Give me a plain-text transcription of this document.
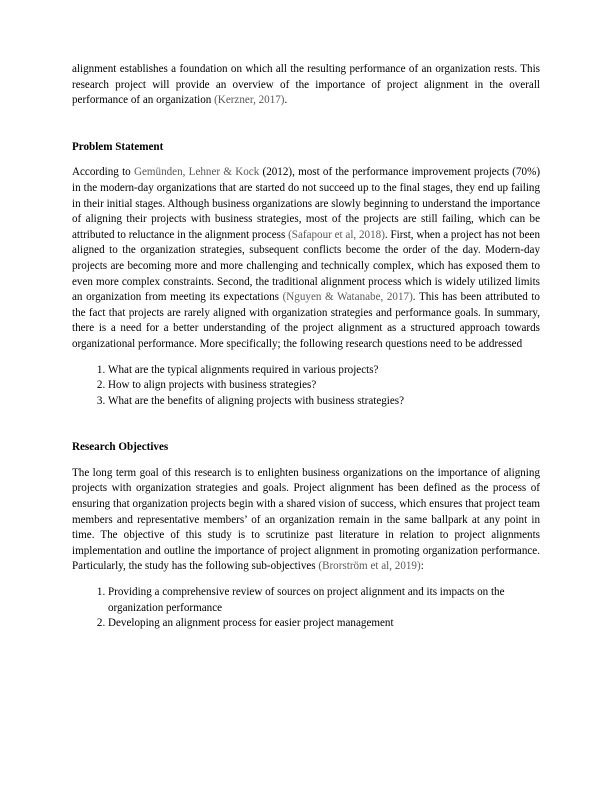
alignment establishes a foundation on which all the resulting performance of an organization rests. This research project will provide an overview of the importance of project alignment in the overall performance of an organization (Kerzner, 2017).

Problem Statement

According to Gemünden, Lehner & Kock (2012), most of the performance improvement projects (70%) in the modern-day organizations that are started do not succeed up to the final stages, they end up failing in their initial stages. Although business organizations are slowly beginning to understand the importance of aligning their projects with business strategies, most of the projects are still failing, which can be attributed to reluctance in the alignment process (Safapour et al, 2018). First, when a project has not been aligned to the organization strategies, subsequent conflicts become the order of the day. Modern-day projects are becoming more and more challenging and technically complex, which has exposed them to even more complex constraints. Second, the traditional alignment process which is widely utilized limits an organization from meeting its expectations (Nguyen & Watanabe, 2017). This has been attributed to the fact that projects are rarely aligned with organization strategies and performance goals. In summary, there is a need for a better understanding of the project alignment as a structured approach towards organizational performance. More specifically; the following research questions need to be addressed

1. What are the typical alignments required in various projects?
2. How to align projects with business strategies?
3. What are the benefits of aligning projects with business strategies?
Research Objectives

The long term goal of this research is to enlighten business organizations on the importance of aligning projects with organization strategies and goals. Project alignment has been defined as the process of ensuring that organization projects begin with a shared vision of success, which ensures that project team members and representative members’ of an organization remain in the same ballpark at any point in time. The objective of this study is to scrutinize past literature in relation to project alignments implementation and outline the importance of project alignment in promoting organization performance. Particularly, the study has the following sub-objectives (Brorström et al, 2019):

1. Providing a comprehensive review of sources on project alignment and its impacts on the organization performance
2. Developing an alignment process for easier project management
